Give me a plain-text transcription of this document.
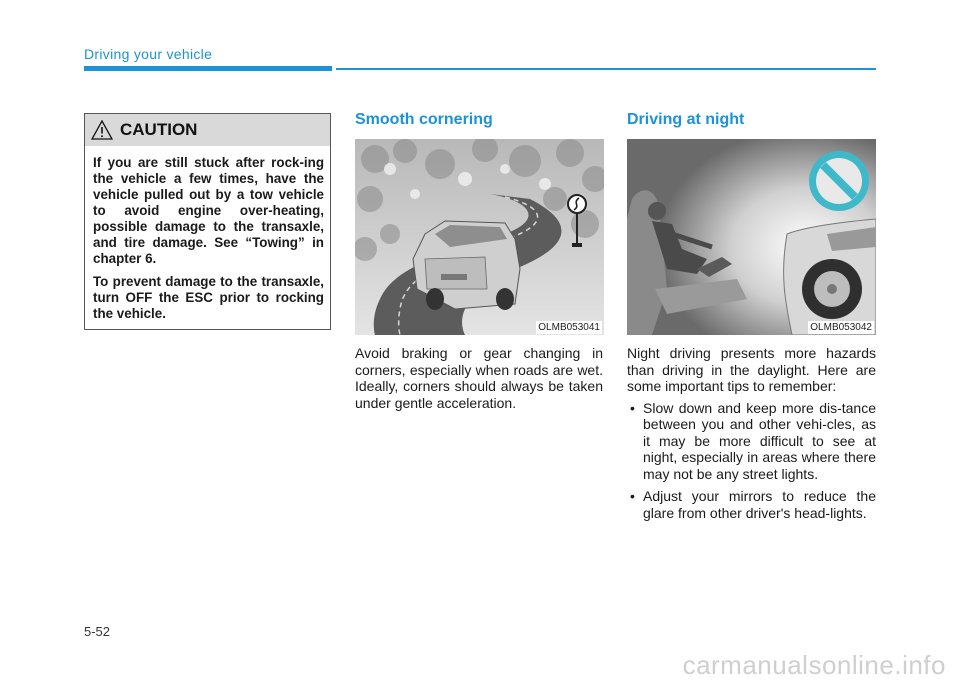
Driving your vehicle
CAUTION

If you are still stuck after rock-ing the vehicle a few times, have the vehicle pulled out by a tow vehicle to avoid engine over-heating, possible damage to the transaxle, and tire damage. See “Towing” in chapter 6.

To prevent damage to the transaxle, turn OFF the ESC prior to rocking the vehicle.

Smooth cornering
OLMB053041

Avoid braking or gear changing in corners, especially when roads are wet. Ideally, corners should always be taken under gentle acceleration.

Driving at night
OLMB053042

Night driving presents more hazards than driving in the daylight. Here are some important tips to remember:

• Slow down and keep more dis-tance between you and other vehi-cles, as it may be more difficult to see at night, especially in areas where there may not be any street lights.
• Adjust your mirrors to reduce the glare from other driver's head-lights.
5-52
carmanualsonline.info
